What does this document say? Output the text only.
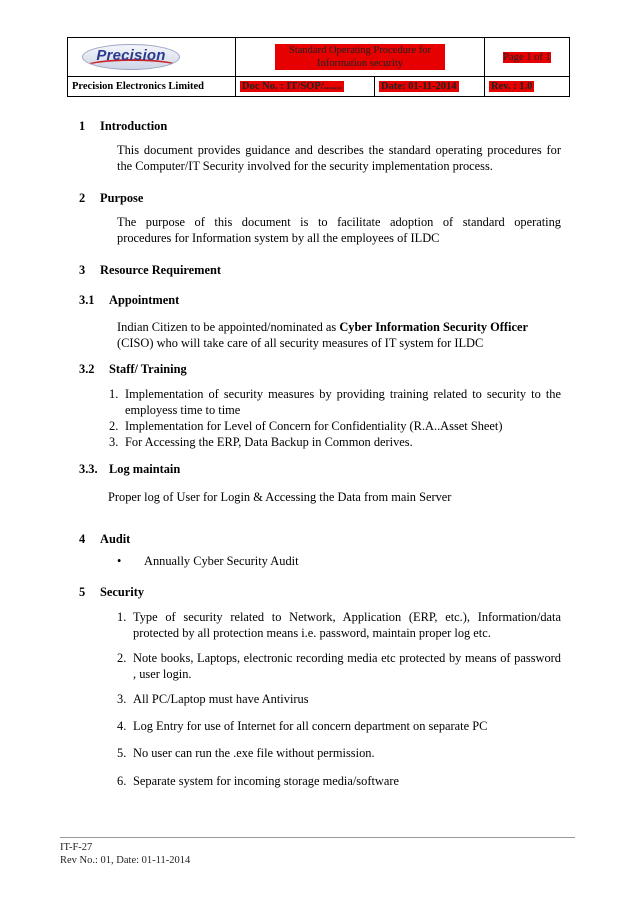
Precision	Standard Operating Procedure for Information security		Page 1 of 1
Precision Electronics Limited	Doc No. : IT/SOP/.......	Date: 01-11-2014	Rev. : 1.0
1 Introduction
This document provides guidance and describes the standard operating procedures for the Computer/IT Security involved for the security implementation process.
2 Purpose
The purpose of this document is to facilitate adoption of standard operating
procedures for Information system by all the employees of ILDC
3 Resource Requirement
3.1 Appointment
Indian Citizen to be appointed/nominated as Cyber Information Security Officer (CISO) who will take care of all security measures of IT system for ILDC
3.2 Staff/ Training
1. Implementation of security measures by providing training related to security to the employess time to time
2. Implementation for Level of Concern for Confidentiality (R.A..Asset Sheet)
3. For Accessing the ERP, Data Backup in Common derives.
3.3. Log maintain
Proper log of User for Login & Accessing the Data from main Server
4 Audit
• Annually Cyber Security Audit
5 Security
1. Type of security related to Network, Application (ERP, etc.), Information/data protected by all protection means i.e. password, maintain proper log etc.
2. Note books, Laptops, electronic recording media etc protected by means of password , user login.
3. All PC/Laptop must have Antivirus
4. Log Entry for use of Internet for all concern department on separate PC
5. No user can run the .exe file without permission.
6. Separate system for incoming storage media/software
IT-F-27
Rev No.: 01, Date: 01-11-2014
